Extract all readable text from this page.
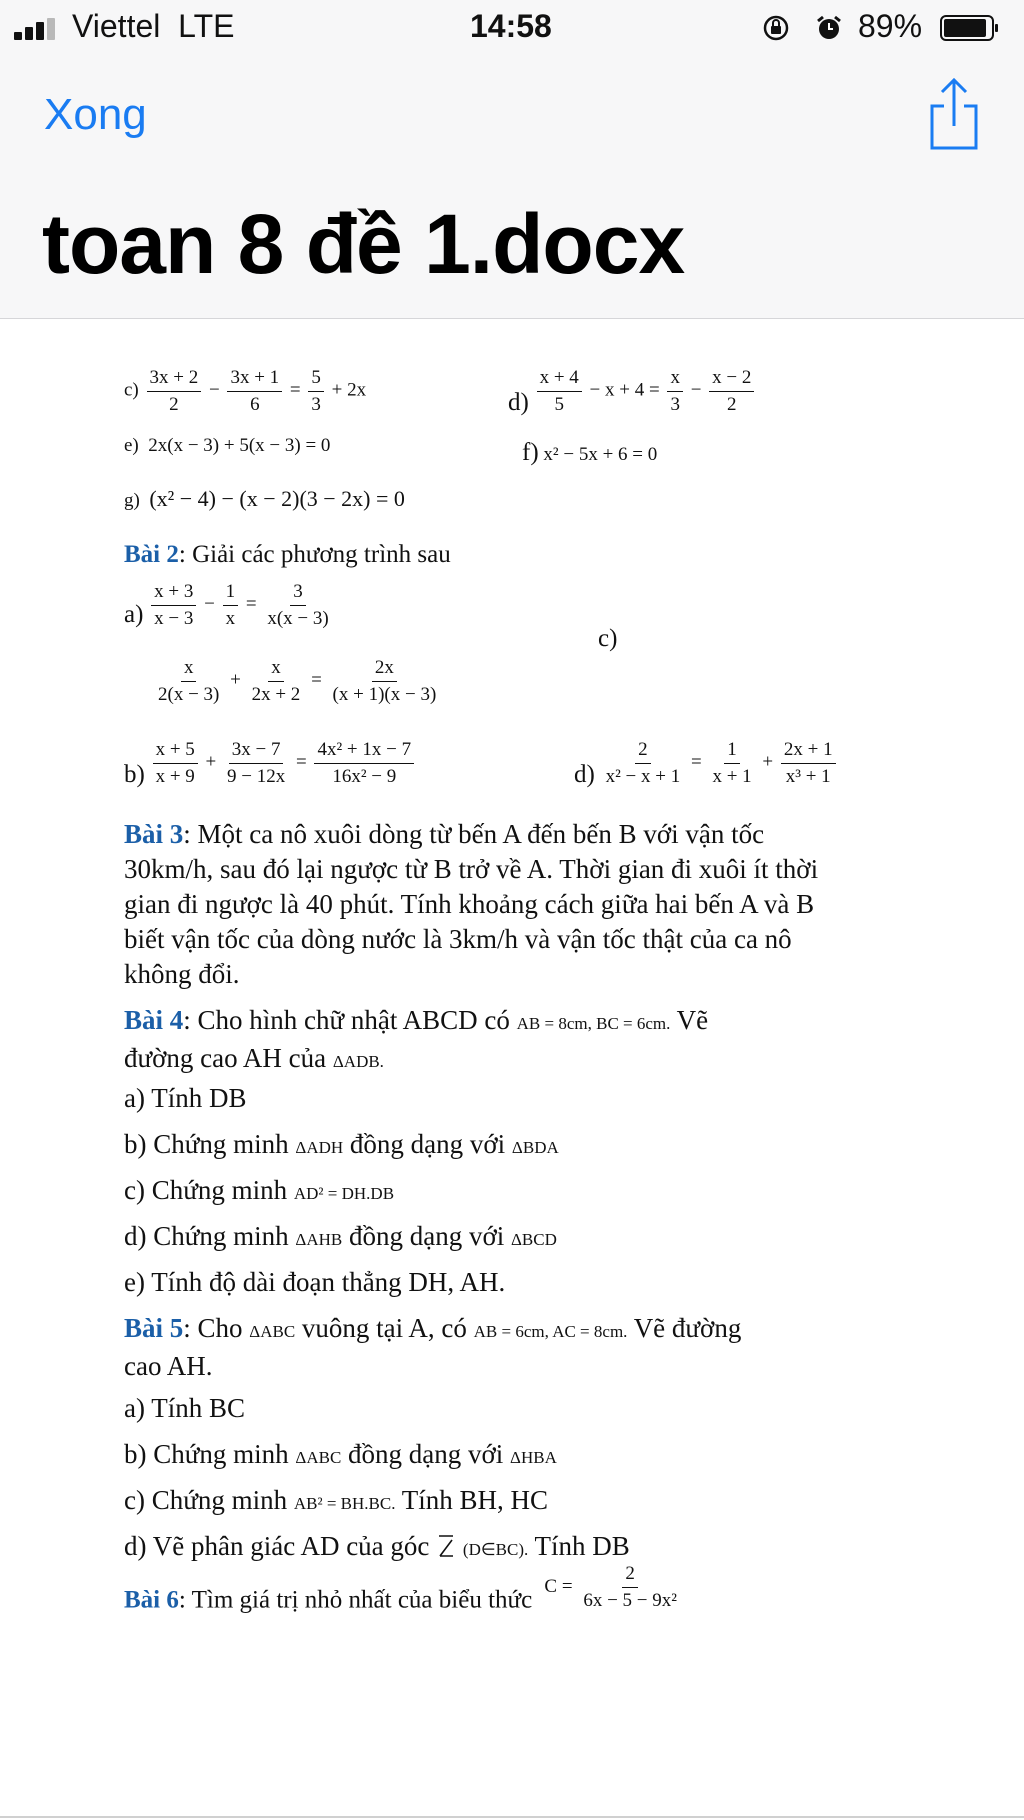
Viettel LTE	14:58	89%
Xong
toan 8 đề 1.docx
$c) \frac{3x + 2}{2} - \frac{3x + 1}{6} = \frac{5}{3} + 2x$	$d) \frac{x + 4}{5} - x + 4 = \frac{x}{3} - \frac{x - 2}{2}$
e) 2x(x − 3) + 5(x − 3) = 0	f) x² − 5x + 6 = 0
g) (x² − 4) − (x − 2)(3 − 2x) = 0
Bài 2: Giải các phương trình sau
$a) \frac{x + 3}{x - 3} - \frac{1}{x} = \frac{3}{x(x - 3)}$
c)
$\frac{x}{2(x - 3)} + \frac{x}{2x + 2} = \frac{2x}{(x + 1)(x - 3)}$
$b) \frac{x + 5}{x + 9} + \frac{3x - 7}{9 - 12x} = \frac{\text{4x² + 1x − 7}}{\text{16x² − 9}}$	$d) \frac{2}{\text{x² − x + 1}} = \frac{1}{x + 1} + \frac{2x + 1}{\text{x³ + 1}}$
Bài 3: Một ca nô xuôi dòng từ bến A đến bến B với vận tốc
30km/h, sau đó lại ngược từ B trở về A. Thời gian đi xuôi ít thời
gian đi ngược là 40 phút. Tính khoảng cách giữa hai bến A và B
biết vận tốc của dòng nước là 3km/h và vận tốc thật của ca nô
không đổi.
Bài 4: Cho hình chữ nhật ABCD có AB = 8cm, BC = 6cm. Vẽ
đường cao AH của ΔADB.
a) Tính DB
b) Chứng minh ΔADH đồng dạng với ΔBDA
c) Chứng minh AD² = DH.DB
d) Chứng minh ΔAHB đồng dạng với ΔBCD
e) Tính độ dài đoạn thẳng DH, AH.
Bài 5: Cho ΔABC vuông tại A, có AB = 6cm, AC = 8cm. Vẽ đường
cao AH.
a) Tính BC
b) Chứng minh ΔABC đồng dạng với ΔHBA
c) Chứng minh AB² = BH.BC. Tính BH, HC
d) Vẽ phân giác AD của góc (D∈BC). Tính DB
Bài 6: Tìm giá trị nhỏ nhất của biểu thức $^{C = \frac{2}{\text{6x − 5 − 9x²}}}$
